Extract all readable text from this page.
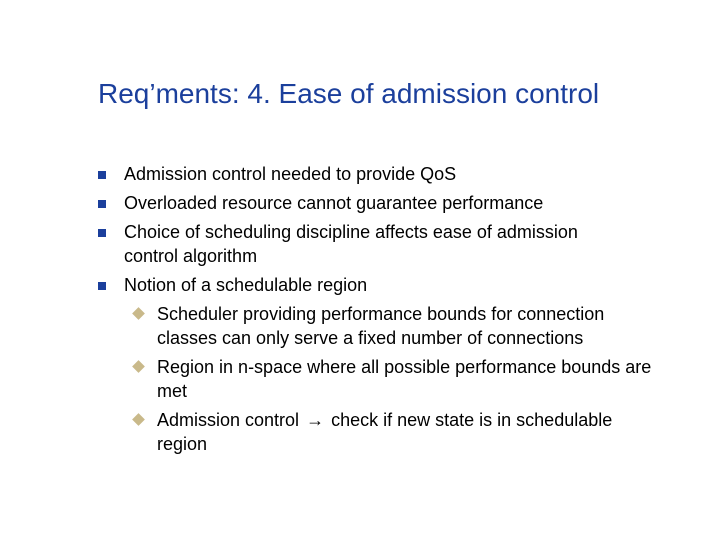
Req’ments: 4. Ease of admission control
Admission control needed to provide QoS
Overloaded resource cannot guarantee performance
Choice of scheduling discipline affects ease of admission control algorithm
Notion of a schedulable region
Scheduler providing performance bounds for connection classes can only serve a fixed number of connections
Region in n-space where all possible performance bounds are met
Admission control → check if new state is in schedulable region
